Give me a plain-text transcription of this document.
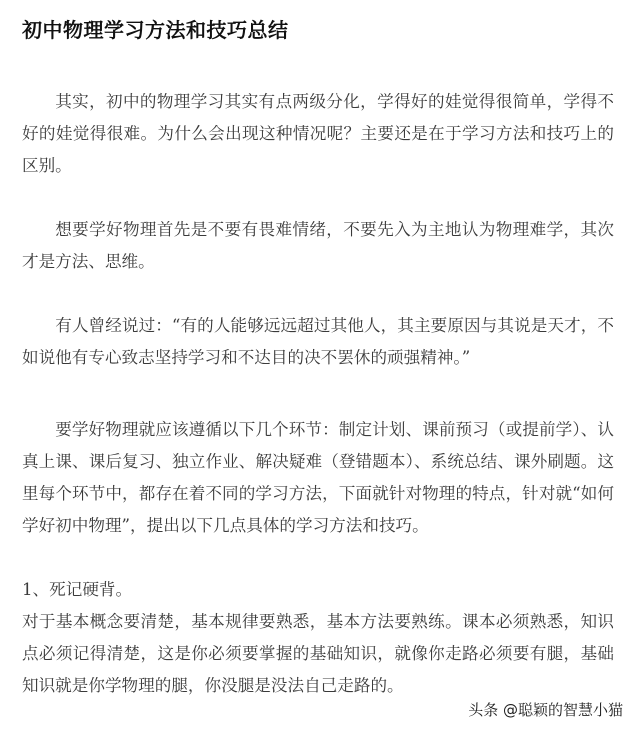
初中物理学习方法和技巧总结

其实，初中的物理学习其实有点两级分化，学得好的娃觉得很简单，学得不好的娃觉得很难。为什么会出现这种情况呢？主要还是在于学习方法和技巧上的区别。

想要学好物理首先是不要有畏难情绪，不要先入为主地认为物理难学，其次才是方法、思维。

有人曾经说过：“有的人能够远远超过其他人，其主要原因与其说是天才，不如说他有专心致志坚持学习和不达目的决不罢休的顽强精神。”

要学好物理就应该遵循以下几个环节：制定计划、课前预习（或提前学）、认真上课、课后复习、独立作业、解决疑难（登错题本）、系统总结、课外刷题。这里每个环节中，都存在着不同的学习方法，下面就针对物理的特点，针对就“如何学好初中物理”，提出以下几点具体的学习方法和技巧。

1、死记硬背。

对于基本概念要清楚，基本规律要熟悉，基本方法要熟练。课本必须熟悉，知识点必须记得清楚，这是你必须要掌握的基础知识，就像你走路必须要有腿，基础知识就是你学物理的腿，你没腿是没法自己走路的。

头条 @聪颖的智慧小猫
